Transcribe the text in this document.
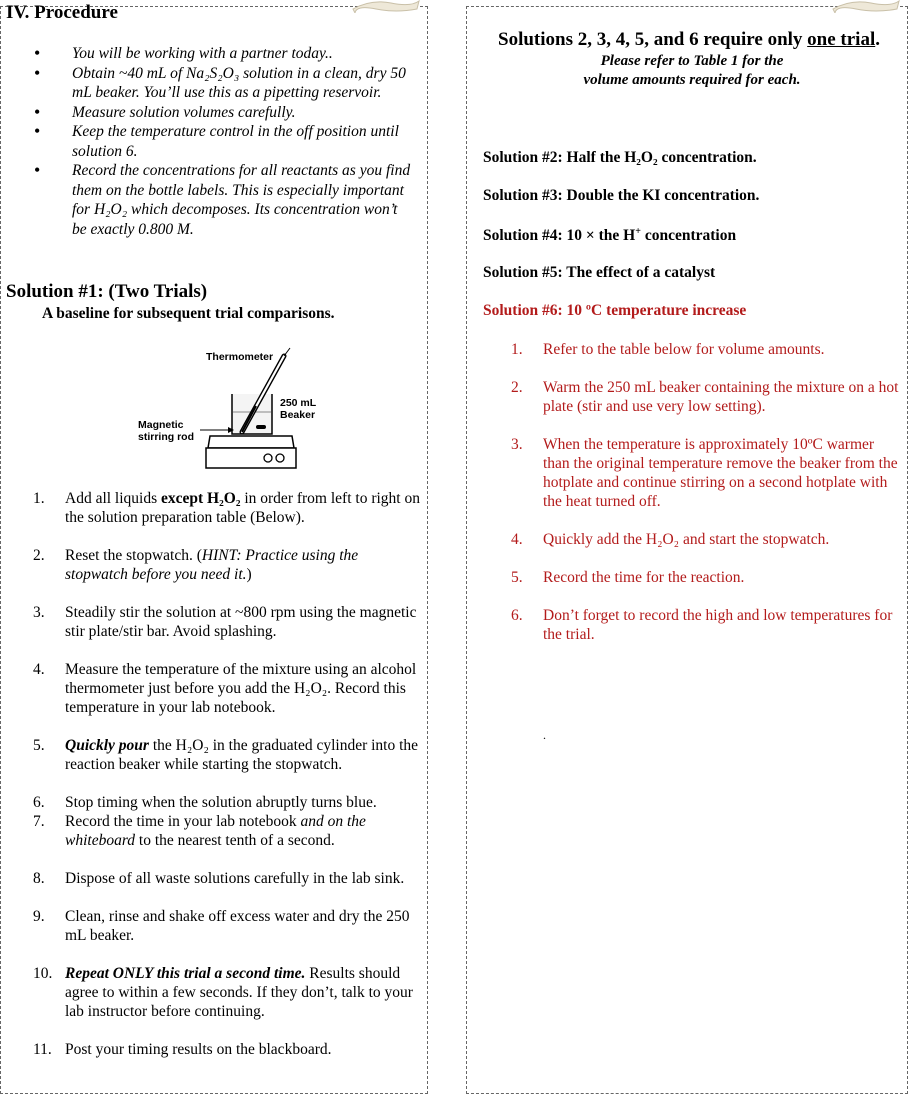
IV. Procedure
• You will be working with a partner today..
• Obtain ~40 mL of Na₂S₂O₃ solution in a clean, dry 50 mL beaker. You’ll use this as a pipetting reservoir.
• Measure solution volumes carefully.
• Keep the temperature control in the off position until solution 6.
• Record the concentrations for all reactants as you find them on the bottle labels. This is especially important for H₂O₂ which decomposes. Its concentration won’t be exactly 0.800 M.
Solution #1: (Two Trials)
A baseline for subsequent trial comparisons.
Thermometer
250 mL
Beaker
Magnetic
stirring rod
1. Add all liquids except H₂O₂ in order from left to right on the solution preparation table (Below).
2. Reset the stopwatch. (HINT: Practice using the stopwatch before you need it.)
3. Steadily stir the solution at ~800 rpm using the magnetic stir plate/stir bar. Avoid splashing.
4. Measure the temperature of the mixture using an alcohol thermometer just before you add the H₂O₂. Record this temperature in your lab notebook.
5. Quickly pour the H₂O₂ in the graduated cylinder into the reaction beaker while starting the stopwatch.
6. Stop timing when the solution abruptly turns blue.
7. Record the time in your lab notebook and on the whiteboard to the nearest tenth of a second.
8. Dispose of all waste solutions carefully in the lab sink.
9. Clean, rinse and shake off excess water and dry the 250 mL beaker.
10. Repeat ONLY this trial a second time. Results should agree to within a few seconds. If they don’t, talk to your lab instructor before continuing.
11. Post your timing results on the blackboard.
Solutions 2, 3, 4, 5, and 6 require only one trial.
Please refer to Table 1 for the
volume amounts required for each.
Solution #2: Half the H₂O₂ concentration.
Solution #3: Double the KI concentration.
Solution #4: 10 × the H+ concentration
Solution #5: The effect of a catalyst
Solution #6: 10 ºC temperature increase
1. Refer to the table below for volume amounts.
2. Warm the 250 mL beaker containing the mixture on a hot plate (stir and use very low setting).
3. When the temperature is approximately 10ºC warmer than the original temperature remove the beaker from the hotplate and continue stirring on a second hotplate with the heat turned off.
4. Quickly add the H₂O₂ and start the stopwatch.
5. Record the time for the reaction.
6. Don’t forget to record the high and low temperatures for the trial.
.
